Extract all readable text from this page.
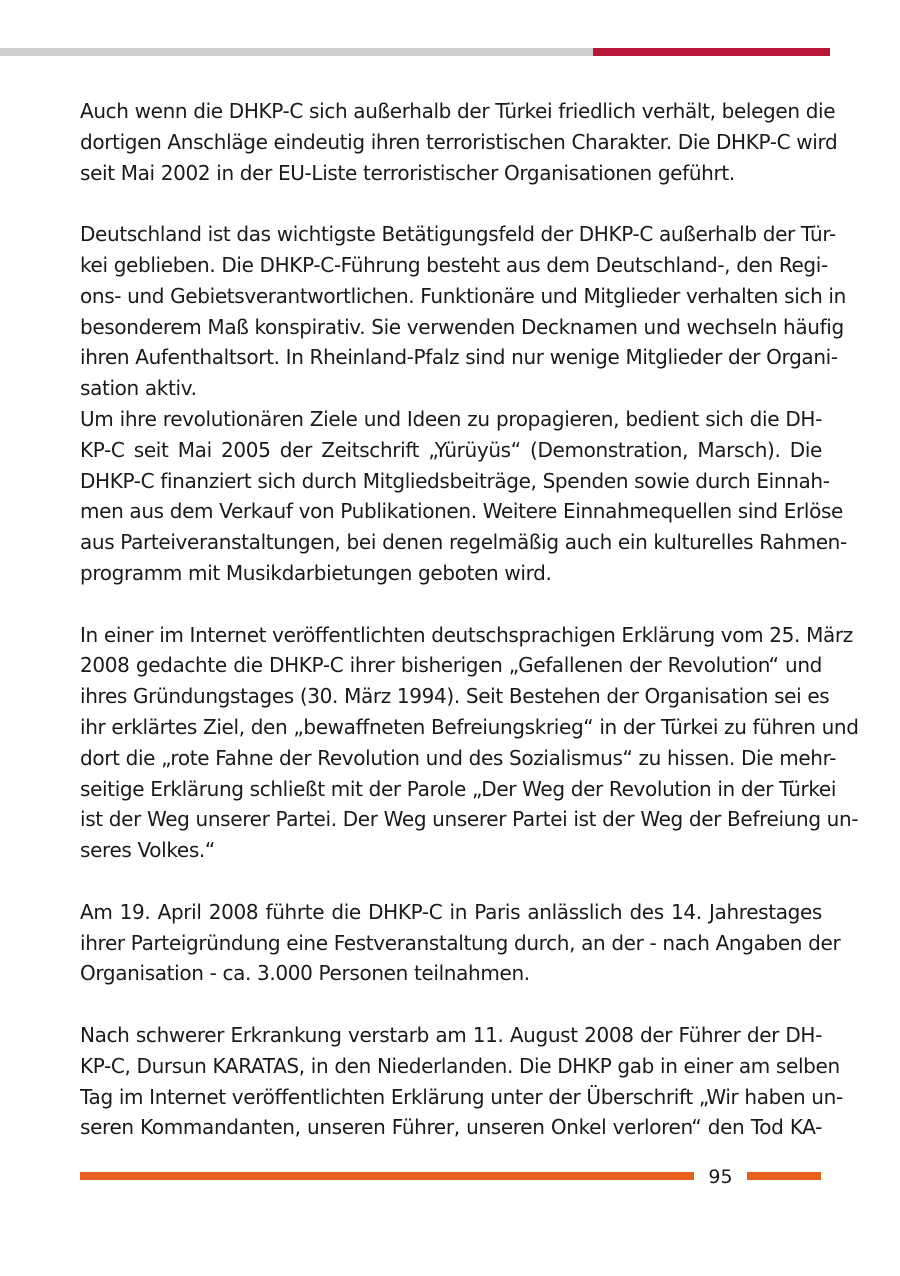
Auch wenn die DHKP-C sich außerhalb der Türkei friedlich verhält, belegen die
dortigen Anschläge eindeutig ihren terroristischen Charakter. Die DHKP-C wird
seit Mai 2002 in der EU-Liste terroristischer Organisationen geführt.
Deutschland ist das wichtigste Betätigungsfeld der DHKP-C außerhalb der Tür-
kei geblieben. Die DHKP-C-Führung besteht aus dem Deutschland-, den Regi-
ons- und Gebietsverantwortlichen. Funktionäre und Mitglieder verhalten sich in
besonderem Maß konspirativ. Sie verwenden Decknamen und wechseln häufig
ihren Aufenthaltsort. In Rheinland-Pfalz sind nur wenige Mitglieder der Organi-
sation aktiv.
Um ihre revolutionären Ziele und Ideen zu propagieren, bedient sich die DH-
KP-C seit Mai 2005 der Zeitschrift „Yürüyüs“ (Demonstration, Marsch). Die
DHKP-C finanziert sich durch Mitgliedsbeiträge, Spenden sowie durch Einnah-
men aus dem Verkauf von Publikationen. Weitere Einnahmequellen sind Erlöse
aus Parteiveranstaltungen, bei denen regelmäßig auch ein kulturelles Rahmen-
programm mit Musikdarbietungen geboten wird.
In einer im Internet veröffentlichten deutschsprachigen Erklärung vom 25. März
2008 gedachte die DHKP-C ihrer bisherigen „Gefallenen der Revolution“ und
ihres Gründungstages (30. März 1994). Seit Bestehen der Organisation sei es
ihr erklärtes Ziel, den „bewaffneten Befreiungskrieg“ in der Türkei zu führen und
dort die „rote Fahne der Revolution und des Sozialismus“ zu hissen. Die mehr-
seitige Erklärung schließt mit der Parole „Der Weg der Revolution in der Türkei
ist der Weg unserer Partei. Der Weg unserer Partei ist der Weg der Befreiung un-
seres Volkes.“
Am 19. April 2008 führte die DHKP-C in Paris anlässlich des 14. Jahrestages
ihrer Parteigründung eine Festveranstaltung durch, an der - nach Angaben der
Organisation - ca. 3.000 Personen teilnahmen.
Nach schwerer Erkrankung verstarb am 11. August 2008 der Führer der DH-
KP-C, Dursun KARATAS, in den Niederlanden. Die DHKP gab in einer am selben
Tag im Internet veröffentlichten Erklärung unter der Überschrift „Wir haben un-
seren Kommandanten, unseren Führer, unseren Onkel verloren“ den Tod KA-
95
